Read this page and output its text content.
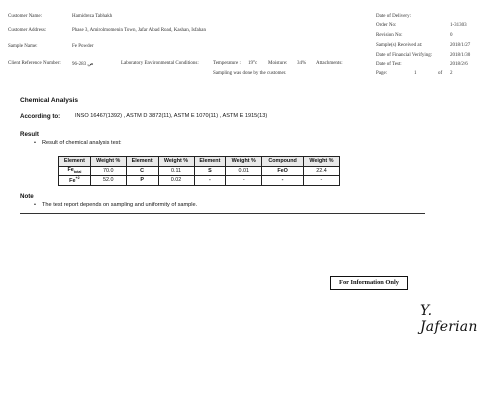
Customer Name:	Hamidreza Tabhakh
Customer Address:	Phase 3, Amirolmomenin Town, Jafar Abad Road, Kashan, Isfahan
Sample Name:	Fe Powder
Client Reference Number: 96-ص 283	Laboratory Environmental Conditions:	Temperature : 19°c Moisture: 34% Attachments:
Sampling was done by the customer.
Date of Delivery:
Order No:	1-31303
Revision No:	0
Sample(s) Received at:	2018/1/27
Date of Financial Verifying:	2018/1/30
Date of Test:	2018/2/6
Page:	1	of 2
Chemical Analysis
According to:	INSO 16467(1392) , ASTM D 3872(11), ASTM E 1070(11) , ASTM E 1915(13)
Result
• Result of chemical analysis test:
Element	Weight %	Element	Weight %	Element	Weight %	Compound	Weight %
$Fe_{total}$	70.0	C	0.11	S	0.01	FeO	22.4
$Fe^{+2}$	52.0	P	0.02	-	-	-	-
Note
• The test report depends on sampling and uniformity of sample.
For Information Only
Y. Jaferian
